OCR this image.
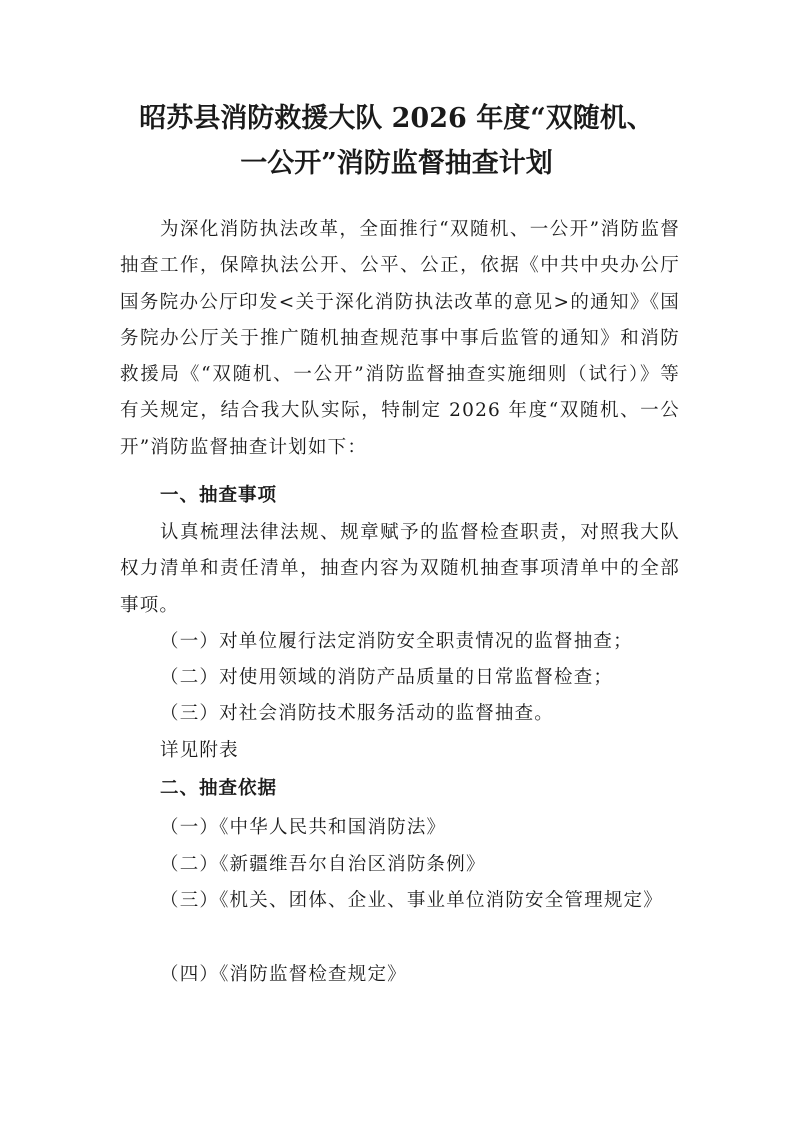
昭苏县消防救援大队 2026 年度“双随机、
一公开”消防监督抽查计划

为深化消防执法改革，全面推行“双随机、一公开”消防监督抽查工作，保障执法公开、公平、公正，依据《中共中央办公厅国务院办公厅印发<关于深化消防执法改革的意见>的通知》《国务院办公厅关于推广随机抽查规范事中事后监管的通知》和消防救援局《“双随机、一公开”消防监督抽查实施细则（试行）》等有关规定，结合我大队实际，特制定 2026 年度“双随机、一公开”消防监督抽查计划如下：

一、抽查事项

认真梳理法律法规、规章赋予的监督检查职责，对照我大队权力清单和责任清单，抽查内容为双随机抽查事项清单中的全部事项。

（一）对单位履行法定消防安全职责情况的监督抽查；
（二）对使用领域的消防产品质量的日常监督检查；
（三）对社会消防技术服务活动的监督抽查。
详见附表
二、抽查依据
（一）《中华人民共和国消防法》
（二）《新疆维吾尔自治区消防条例》

（三）《机关、团体、企业、事业单位消防安全管理规定》

（四）《消防监督检查规定》
